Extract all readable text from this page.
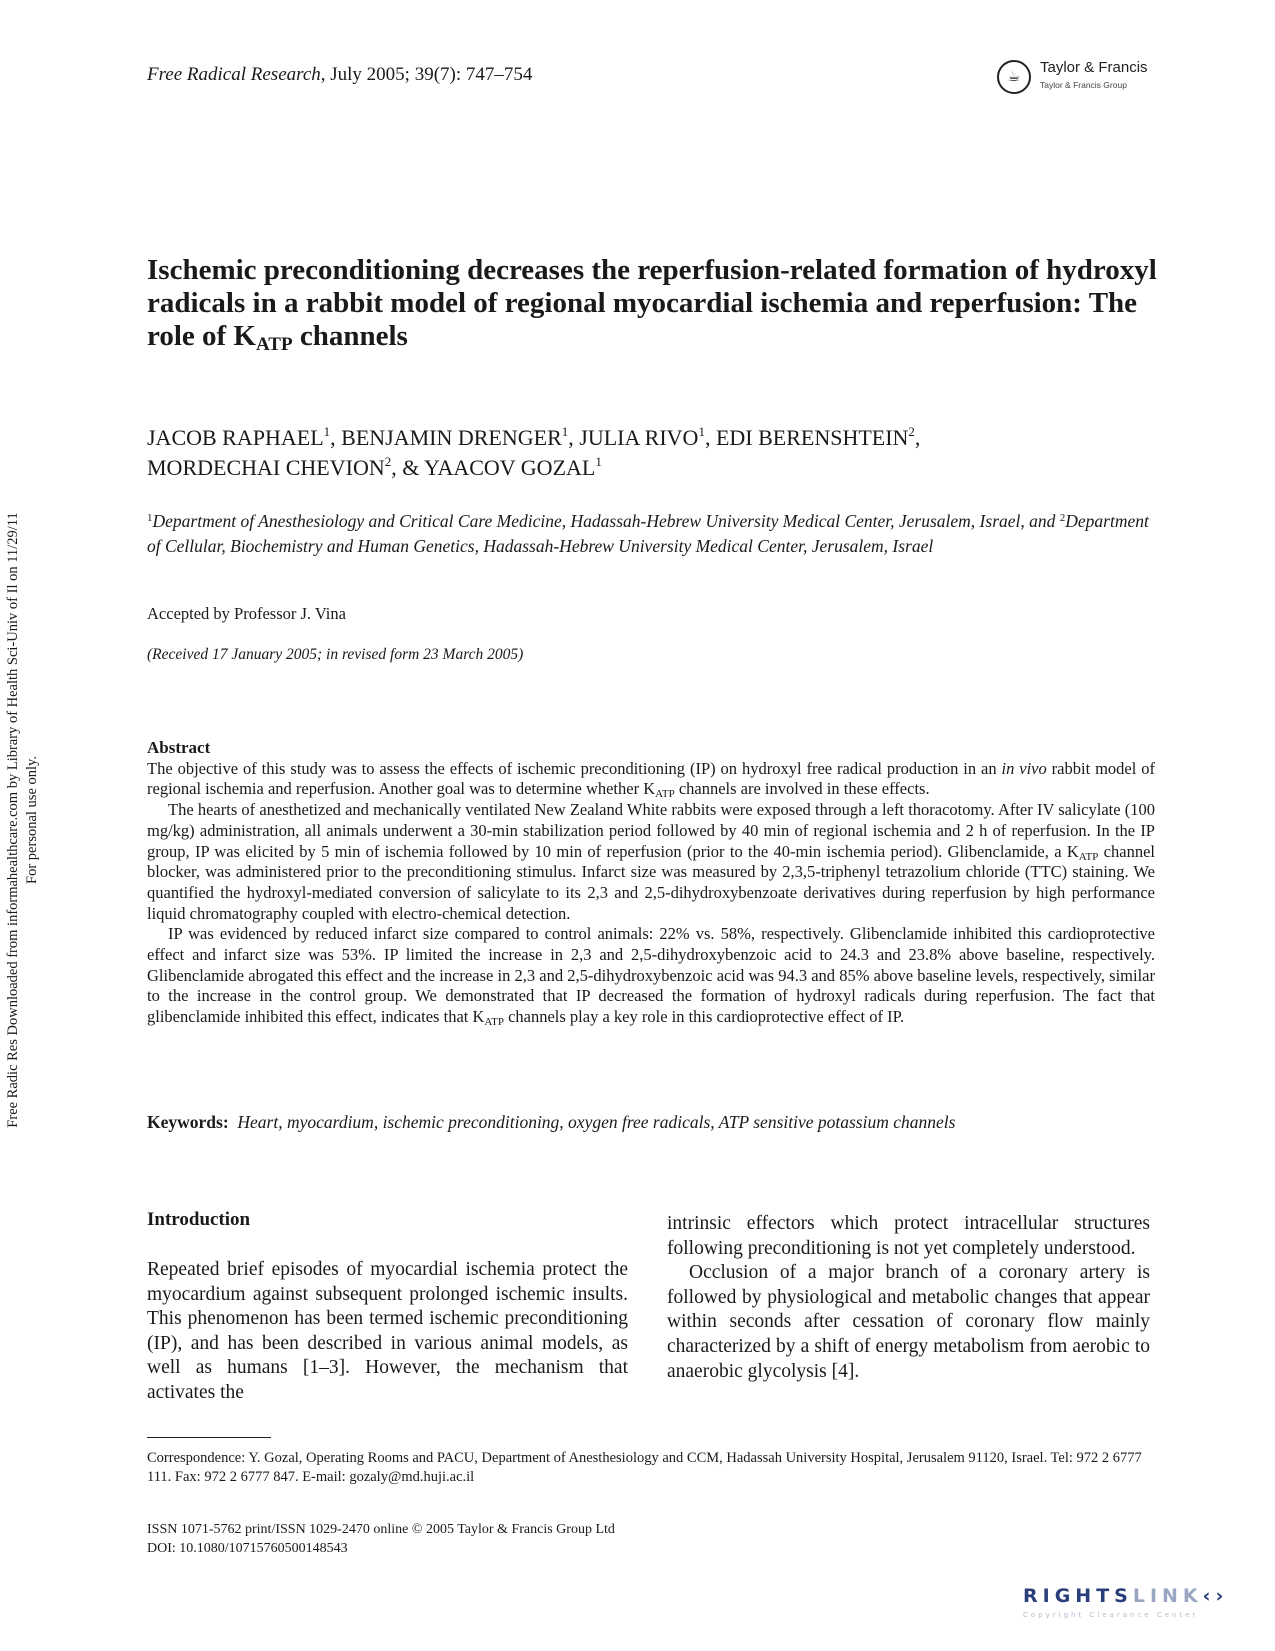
Free Radical Research, July 2005; 39(7): 747–754	☕
Taylor & Francis
Taylor & Francis Group
Ischemic preconditioning decreases the reperfusion-related formation of hydroxyl radicals in a rabbit model of regional myocardial ischemia and reperfusion: The role of $K_{ATP}$ channels
JACOB RAPHAEL$^1$, BENJAMIN DRENGER$^1$, JULIA RIVO$^1$, EDI BERENSHTEIN$^2$,
MORDECHAI CHEVION$^2$, & YAACOV GOZAL$^1$
$^1$Department of Anesthesiology and Critical Care Medicine, Hadassah-Hebrew University Medical Center, Jerusalem, Israel, and $^2$Department of Cellular, Biochemistry and Human Genetics, Hadassah-Hebrew University Medical Center, Jerusalem, Israel
Accepted by Professor J. Vina
(Received 17 January 2005; in revised form 23 March 2005)
Abstract

The objective of this study was to assess the effects of ischemic preconditioning (IP) on hydroxyl free radical production in an in vivo rabbit model of regional ischemia and reperfusion. Another goal was to determine whether $K_{ATP}$ channels are involved in these effects.

The hearts of anesthetized and mechanically ventilated New Zealand White rabbits were exposed through a left thoracotomy. After IV salicylate (100 mg/kg) administration, all animals underwent a 30-min stabilization period followed by 40 min of regional ischemia and 2 h of reperfusion. In the IP group, IP was elicited by 5 min of ischemia followed by 10 min of reperfusion (prior to the 40-min ischemia period). Glibenclamide, a $K_{ATP}$ channel blocker, was administered prior to the preconditioning stimulus. Infarct size was measured by 2,3,5-triphenyl tetrazolium chloride (TTC) staining. We quantified the hydroxyl-mediated conversion of salicylate to its 2,3 and 2,5-dihydroxybenzoate derivatives during reperfusion by high performance liquid chromatography coupled with electro-chemical detection.

IP was evidenced by reduced infarct size compared to control animals: 22% vs. 58%, respectively. Glibenclamide inhibited this cardioprotective effect and infarct size was 53%. IP limited the increase in 2,3 and 2,5-dihydroxybenzoic acid to 24.3 and 23.8% above baseline, respectively. Glibenclamide abrogated this effect and the increase in 2,3 and 2,5-dihydroxybenzoic acid was 94.3 and 85% above baseline levels, respectively, similar to the increase in the control group. We demonstrated that IP decreased the formation of hydroxyl radicals during reperfusion. The fact that glibenclamide inhibited this effect, indicates that $K_{ATP}$ channels play a key role in this cardioprotective effect of IP.

Keywords: Heart, myocardium, ischemic preconditioning, oxygen free radicals, ATP sensitive potassium channels
Introduction

Repeated brief episodes of myocardial ischemia protect the myocardium against subsequent prolonged ischemic insults. This phenomenon has been termed ischemic preconditioning (IP), and has been described in various animal models, as well as humans [1–3]. However, the mechanism that activates the

intrinsic effectors which protect intracellular structures following preconditioning is not yet completely understood.

Occlusion of a major branch of a coronary artery is followed by physiological and metabolic changes that appear within seconds after cessation of coronary flow mainly characterized by a shift of energy metabolism from aerobic to anaerobic glycolysis [4].

Correspondence: Y. Gozal, Operating Rooms and PACU, Department of Anesthesiology and CCM, Hadassah University Hospital, Jerusalem 91120, Israel. Tel: 972 2 6777 111. Fax: 972 2 6777 847. E-mail: gozaly@md.huji.ac.il
ISSN 1071-5762 print/ISSN 1029-2470 online © 2005 Taylor & Francis Group Ltd
DOI: 10.1080/10715760500148543
Free Radic Res Downloaded from informahealthcare.com by Library of Health Sci-Univ of Il on 11/29/11 For personal use only.
RIGHTSLINK‹›
Copyright Clearance Center
